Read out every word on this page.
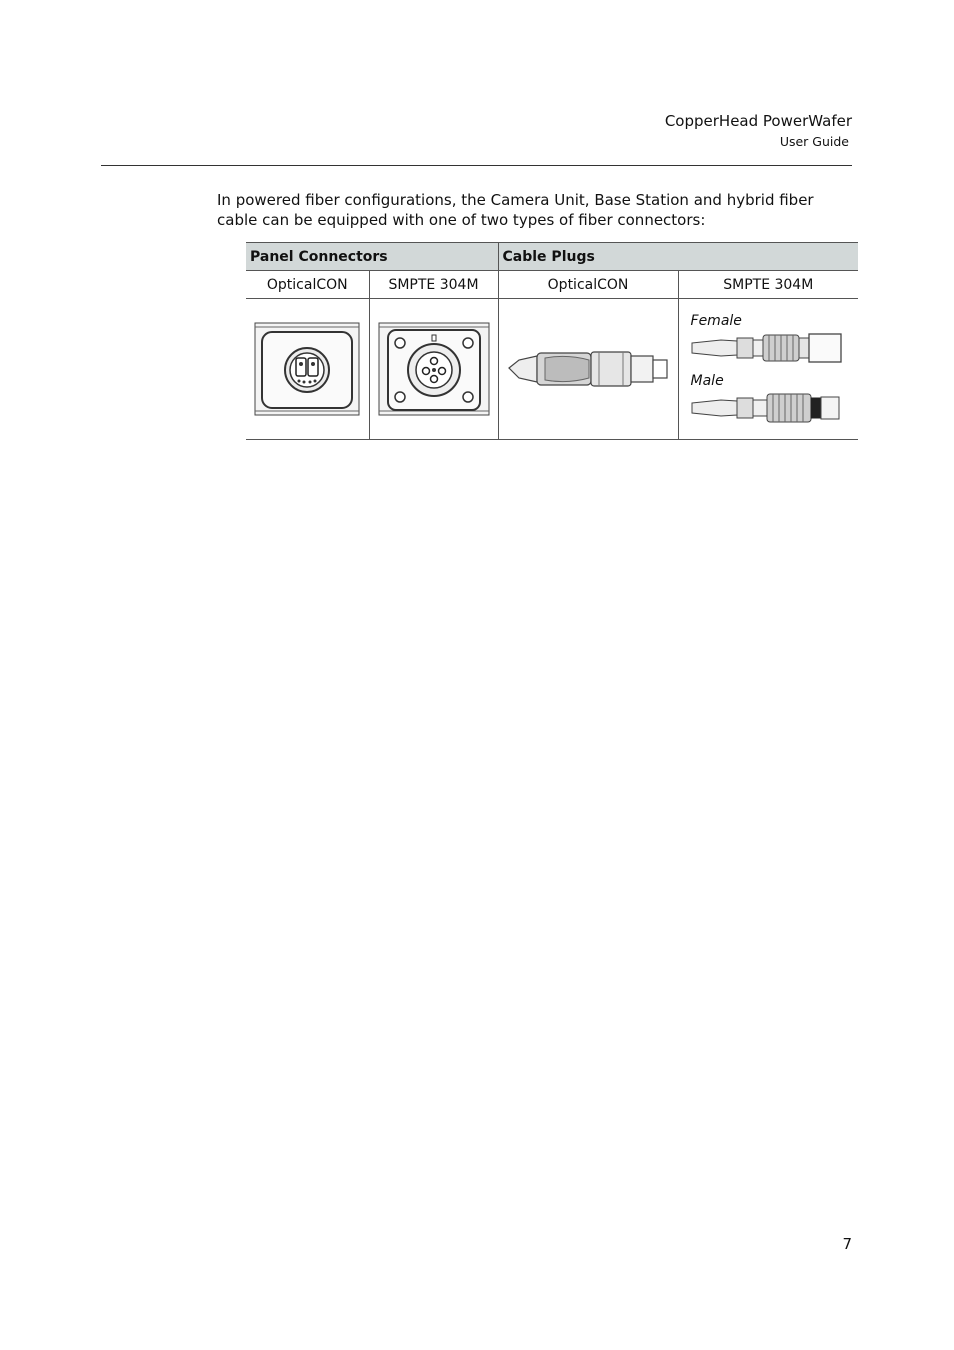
CopperHead PowerWafer
User Guide

In powered fiber configurations, the Camera Unit, Base Station and hybrid fiber cable can be equipped with one of two types of fiber connectors:

Panel Connectors		Cable Plugs	
OpticalCON	SMPTE 304M	OpticalCON	SMPTE 304M

Female
Male
7
